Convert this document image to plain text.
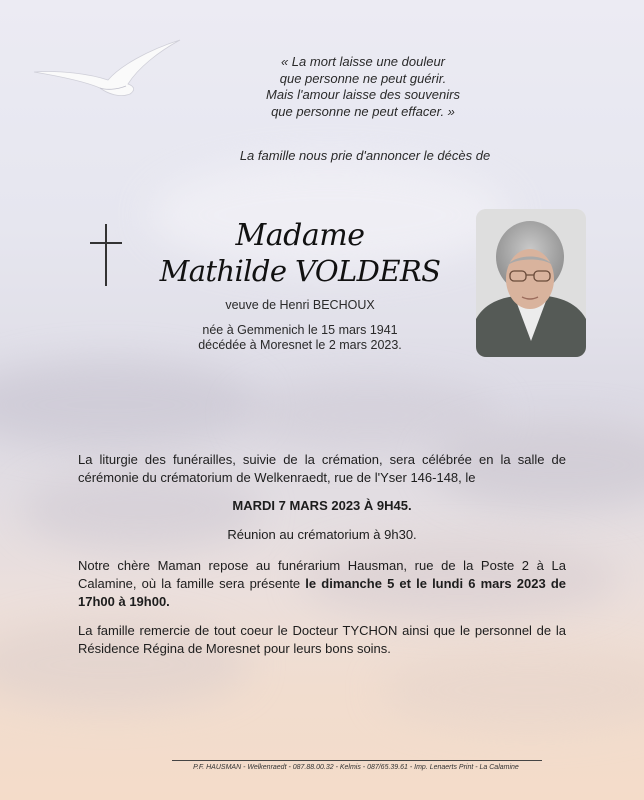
« La mort laisse une douleur
que personne ne peut guérir.
Mais l'amour laisse des souvenirs
que personne ne peut effacer. »
La famille nous prie d'annoncer le décès de
Madame
Mathilde VOLDERS
veuve de Henri BECHOUX
née à Gemmenich le 15 mars 1941
décédée à Moresnet le 2 mars 2023.
La liturgie des funérailles, suivie de la crémation, sera célébrée en la salle de cérémonie du crématorium de Welkenraedt, rue de l'Yser 146-148, le
MARDI 7 MARS 2023 À 9H45.
Réunion au crématorium à 9h30.
Notre chère Maman repose au funérarium Hausman, rue de la Poste 2 à La Calamine, où la famille sera présente le dimanche 5 et le lundi 6 mars 2023 de 17h00 à 19h00.
La famille remercie de tout coeur le Docteur TYCHON ainsi que le personnel de la Résidence Régina de Moresnet pour leurs bons soins.
P.F. HAUSMAN - Welkenraedt - 087.88.00.32 - Kelmis - 087/65.39.61 - Imp. Lenaerts Print - La Calamine
